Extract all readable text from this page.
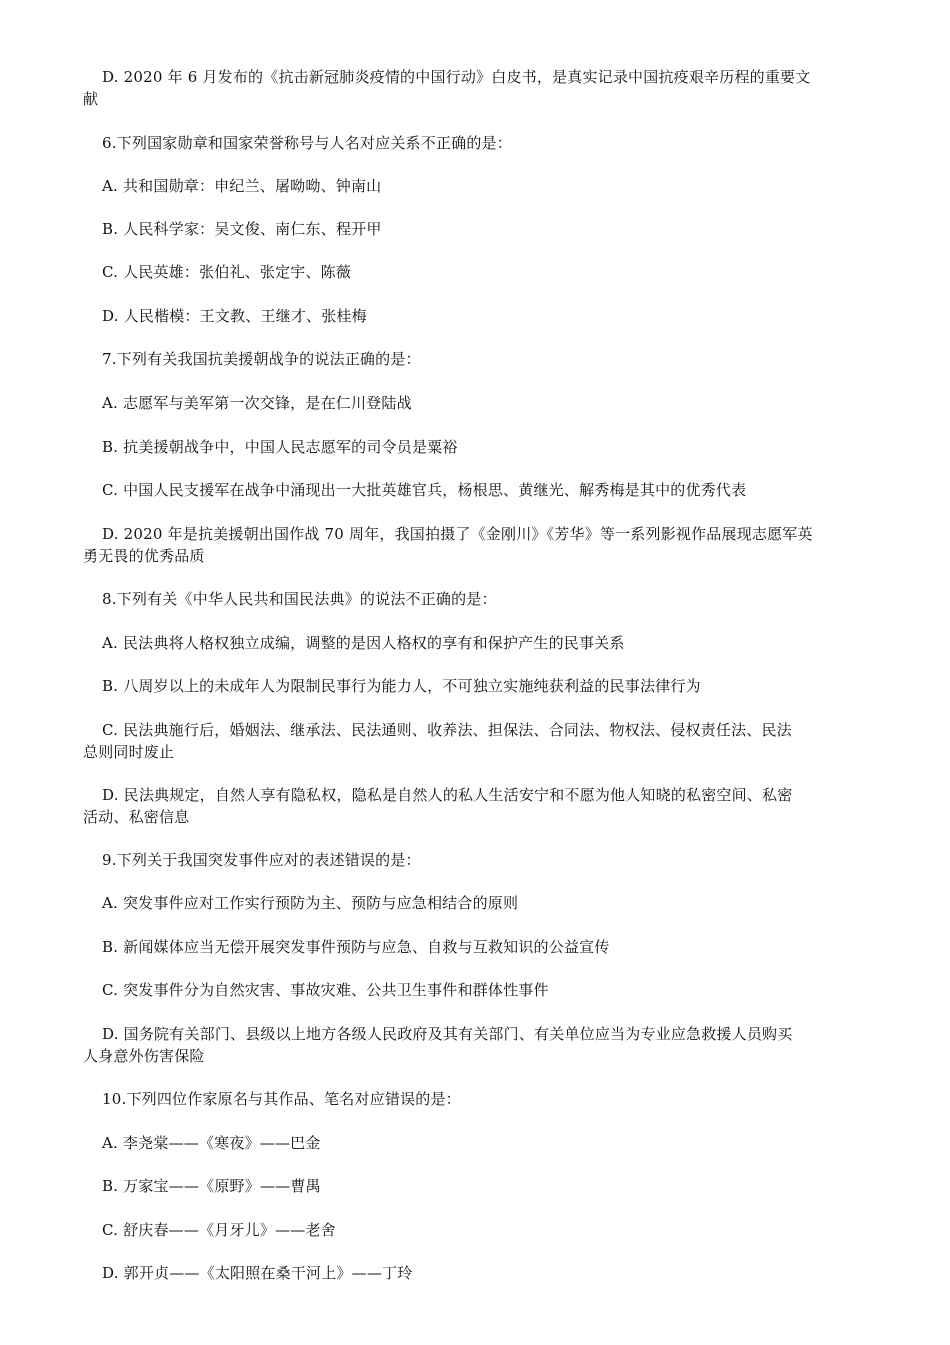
D. 2020 年 6 月发布的《抗击新冠肺炎疫情的中国行动》白皮书，是真实记录中国抗疫艰辛历程的重要文
献
6.下列国家勋章和国家荣誉称号与人名对应关系不正确的是：
A. 共和国勋章：申纪兰、屠呦呦、钟南山
B. 人民科学家：吴文俊、南仁东、程开甲
C. 人民英雄：张伯礼、张定宇、陈薇
D. 人民楷模：王文教、王继才、张桂梅
7.下列有关我国抗美援朝战争的说法正确的是：
A. 志愿军与美军第一次交锋，是在仁川登陆战
B. 抗美援朝战争中，中国人民志愿军的司令员是粟裕
C. 中国人民支援军在战争中涌现出一大批英雄官兵，杨根思、黄继光、解秀梅是其中的优秀代表
D. 2020 年是抗美援朝出国作战 70 周年，我国拍摄了《金刚川》《芳华》等一系列影视作品展现志愿军英
勇无畏的优秀品质
8.下列有关《中华人民共和国民法典》的说法不正确的是：
A. 民法典将人格权独立成编，调整的是因人格权的享有和保护产生的民事关系
B. 八周岁以上的未成年人为限制民事行为能力人，不可独立实施纯获利益的民事法律行为
C. 民法典施行后，婚姻法、继承法、民法通则、收养法、担保法、合同法、物权法、侵权责任法、民法
总则同时废止
D. 民法典规定，自然人享有隐私权，隐私是自然人的私人生活安宁和不愿为他人知晓的私密空间、私密
活动、私密信息
9.下列关于我国突发事件应对的表述错误的是：
A. 突发事件应对工作实行预防为主、预防与应急相结合的原则
B. 新闻媒体应当无偿开展突发事件预防与应急、自救与互救知识的公益宣传
C. 突发事件分为自然灾害、事故灾难、公共卫生事件和群体性事件
D. 国务院有关部门、县级以上地方各级人民政府及其有关部门、有关单位应当为专业应急救援人员购买
人身意外伤害保险
10.下列四位作家原名与其作品、笔名对应错误的是：
A. 李尧棠——《寒夜》——巴金
B. 万家宝——《原野》——曹禺
C. 舒庆春——《月牙儿》——老舍
D. 郭开贞——《太阳照在桑干河上》——丁玲
